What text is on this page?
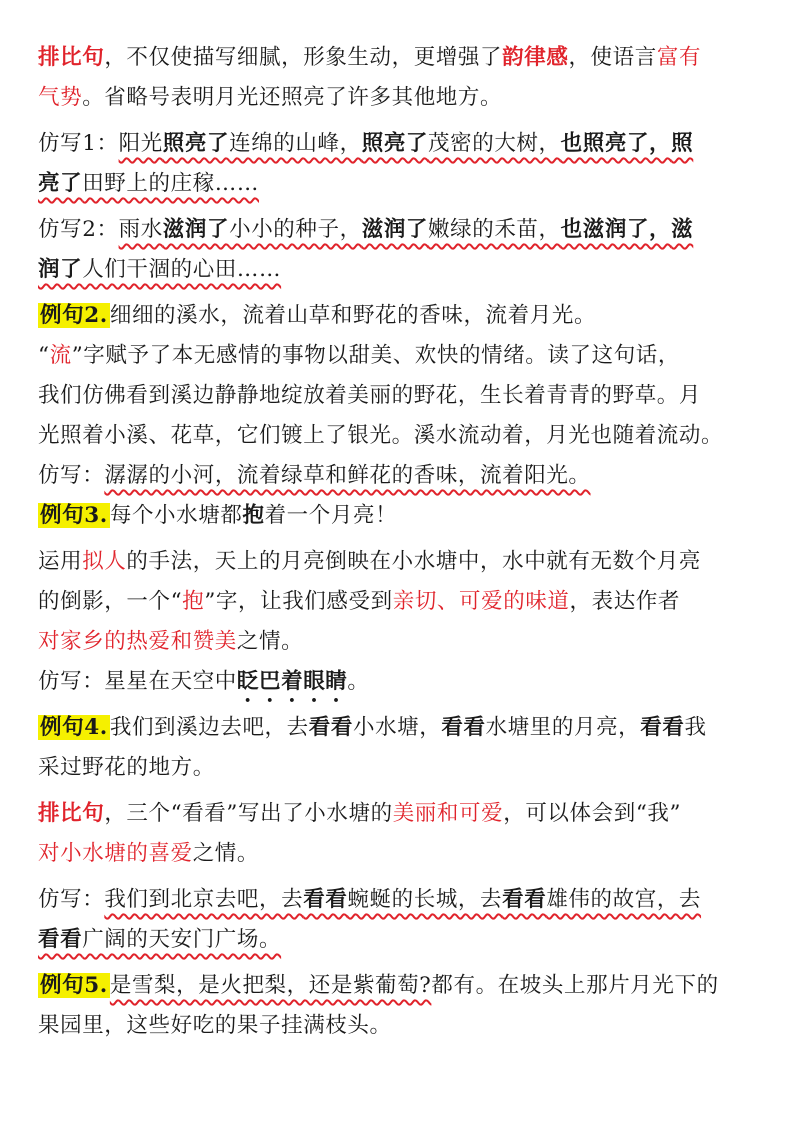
排比句，不仅使描写细腻，形象生动，更增强了韵律感，使语言富有
气势。省略号表明月光还照亮了许多其他地方。
仿写1：阳光照亮了连绵的山峰，照亮了茂密的大树，也照亮了，照
亮了田野上的庄稼……
仿写2：雨水滋润了小小的种子，滋润了嫩绿的禾苗，也滋润了，滋
润了人们干涸的心田……
例句2.细细的溪水，流着山草和野花的香味，流着月光。
“流”字赋予了本无感情的事物以甜美、欢快的情绪。读了这句话，
我们仿佛看到溪边静静地绽放着美丽的野花，生长着青青的野草。月
光照着小溪、花草，它们镀上了银光。溪水流动着，月光也随着流动。
仿写：潺潺的小河，流着绿草和鲜花的香味，流着阳光。
例句3.每个小水塘都抱着一个月亮！
运用拟人的手法，天上的月亮倒映在小水塘中，水中就有无数个月亮
的倒影，一个“抱”字，让我们感受到亲切、可爱的味道，表达作者
对家乡的热爱和赞美之情。
仿写：星星在天空中眨巴着眼睛。
例句4.我们到溪边去吧，去看看小水塘，看看水塘里的月亮，看看我
采过野花的地方。
排比句，三个“看看”写出了小水塘的美丽和可爱，可以体会到“我”
对小水塘的喜爱之情。
仿写：我们到北京去吧，去看看蜿蜒的长城，去看看雄伟的故宫，去
看看广阔的天安门广场。
例句5.是雪梨，是火把梨，还是紫葡萄?都有。在坡头上那片月光下的
果园里，这些好吃的果子挂满枝头。
